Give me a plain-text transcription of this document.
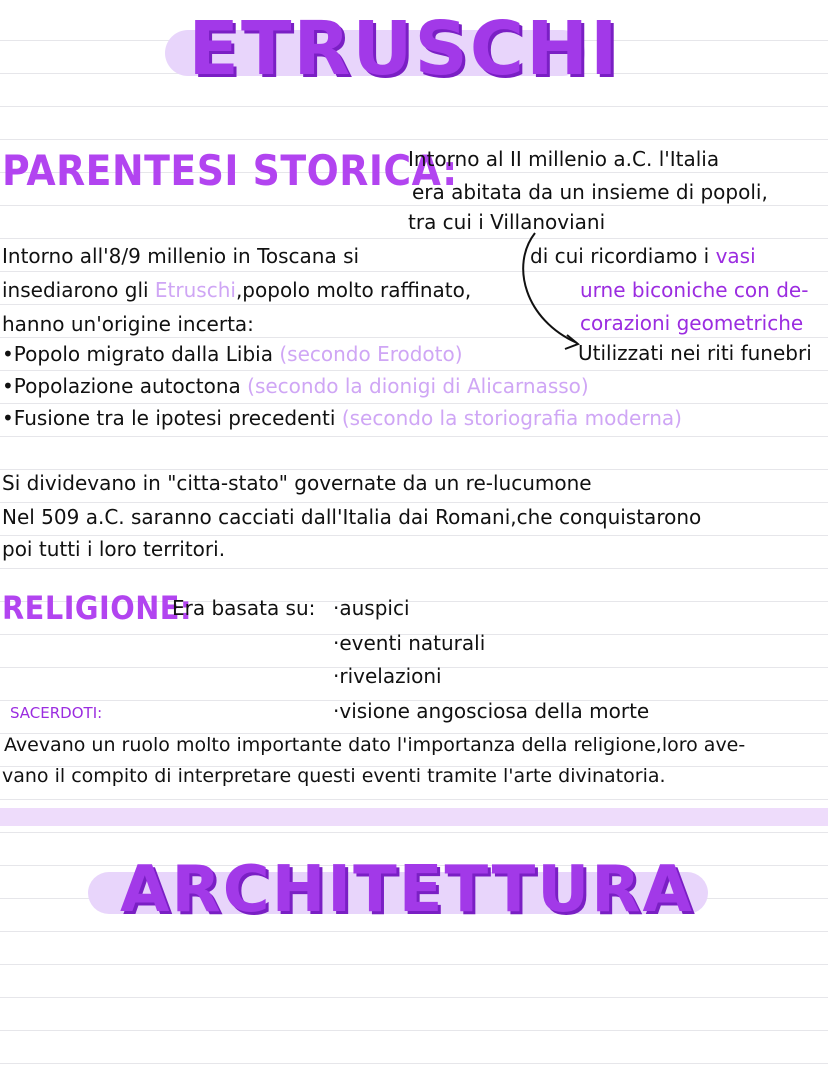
ETRUSCHI
PARENTESI STORICA:
Intorno al II millenio a.C. l'Italia
era abitata da un insieme di popoli,
tra cui i Villanoviani
di cui ricordiamo i vasi
urne biconiche con de-
corazioni geometriche
Utilizzati nei riti funebri
Intorno all'8/9 millenio in Toscana si
insediarono gli Etruschi,popolo molto raffinato,
hanno un'origine incerta:
•Popolo migrato dalla Libia (secondo Erodoto)
•Popolazione autoctona (secondo la dionigi di Alicarnasso)
•Fusione tra le ipotesi precedenti (secondo la storiografia moderna)
Si dividevano in "citta-stato" governate da un re-lucumone
Nel 509 a.C. saranno cacciati dall'Italia dai Romani,che conquistarono
poi tutti i loro territori.
RELIGIONE:
Era basata su: ·auspici
·eventi naturali
·rivelazioni
·visione angosciosa della morte
SACERDOTI:
Avevano un ruolo molto importante dato l'importanza della religione,loro ave-
vano il compito di interpretare questi eventi tramite l'arte divinatoria.
ARCHITETTURA
